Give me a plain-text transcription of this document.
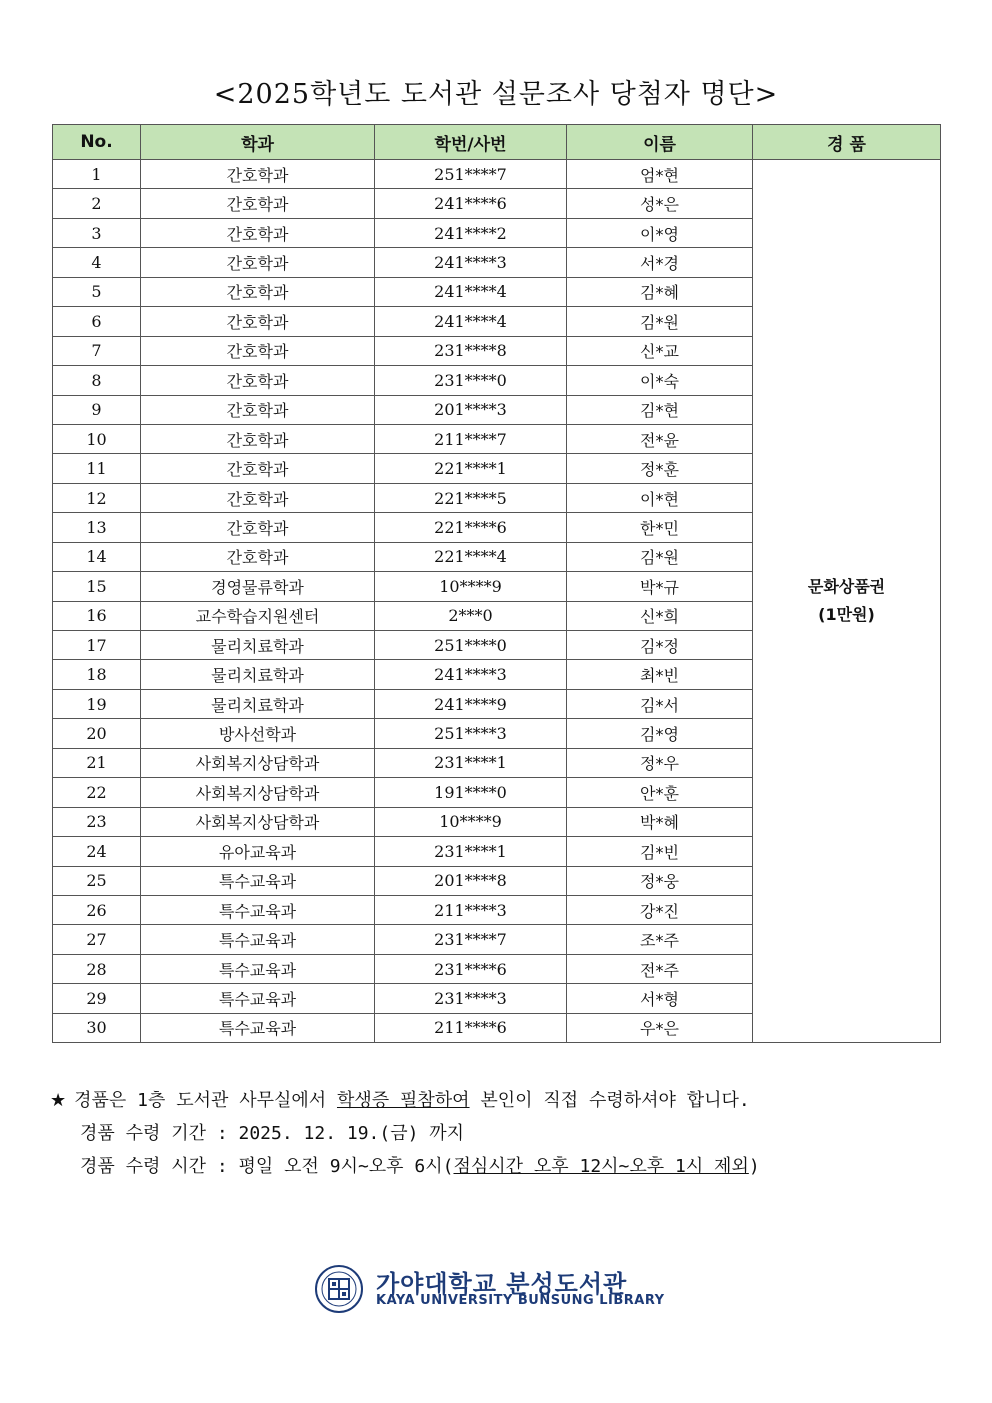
<2025학년도 도서관 설문조사 당첨자 명단>
No.	학과	학번/사번	이름	경 품
1	간호학과	251****7	엄*현	문화상품권
(1만원)

2	간호학과	241****6	성*은	
3	간호학과	241****2	이*영	
4	간호학과	241****3	서*경	
5	간호학과	241****4	김*혜	
6	간호학과	241****4	김*원	
7	간호학과	231****8	신*교	
8	간호학과	231****0	이*숙	
9	간호학과	201****3	김*현	
10	간호학과	211****7	전*윤	
11	간호학과	221****1	정*훈	
12	간호학과	221****5	이*현	
13	간호학과	221****6	한*민	
14	간호학과	221****4	김*원	
15	경영물류학과	10****9	박*규	
16	교수학습지원센터	2***0	신*희	
17	물리치료학과	251****0	김*정	
18	물리치료학과	241****3	최*빈	
19	물리치료학과	241****9	김*서	
20	방사선학과	251****3	김*영	
21	사회복지상담학과	231****1	정*우	
22	사회복지상담학과	191****0	안*훈	
23	사회복지상담학과	10****9	박*혜	
24	유아교육과	231****1	김*빈	
25	특수교육과	201****8	정*웅	
26	특수교육과	211****3	강*진	
27	특수교육과	231****7	조*주	
28	특수교육과	231****6	전*주	
29	특수교육과	231****3	서*형	
30	특수교육과	211****6	우*은	
★ 경품은 1층 도서관 사무실에서 학생증 필참하여 본인이 직접 수령하셔야 합니다.
경품 수령 기간 : 2025. 12. 19.(금) 까지
경품 수령 시간 : 평일 오전 9시~오후 6시(점심시간 오후 12시~오후 1시 제외)
가야대학교 분성도서관
KAYA UNIVERSITY BUNSUNG LIBRARY
